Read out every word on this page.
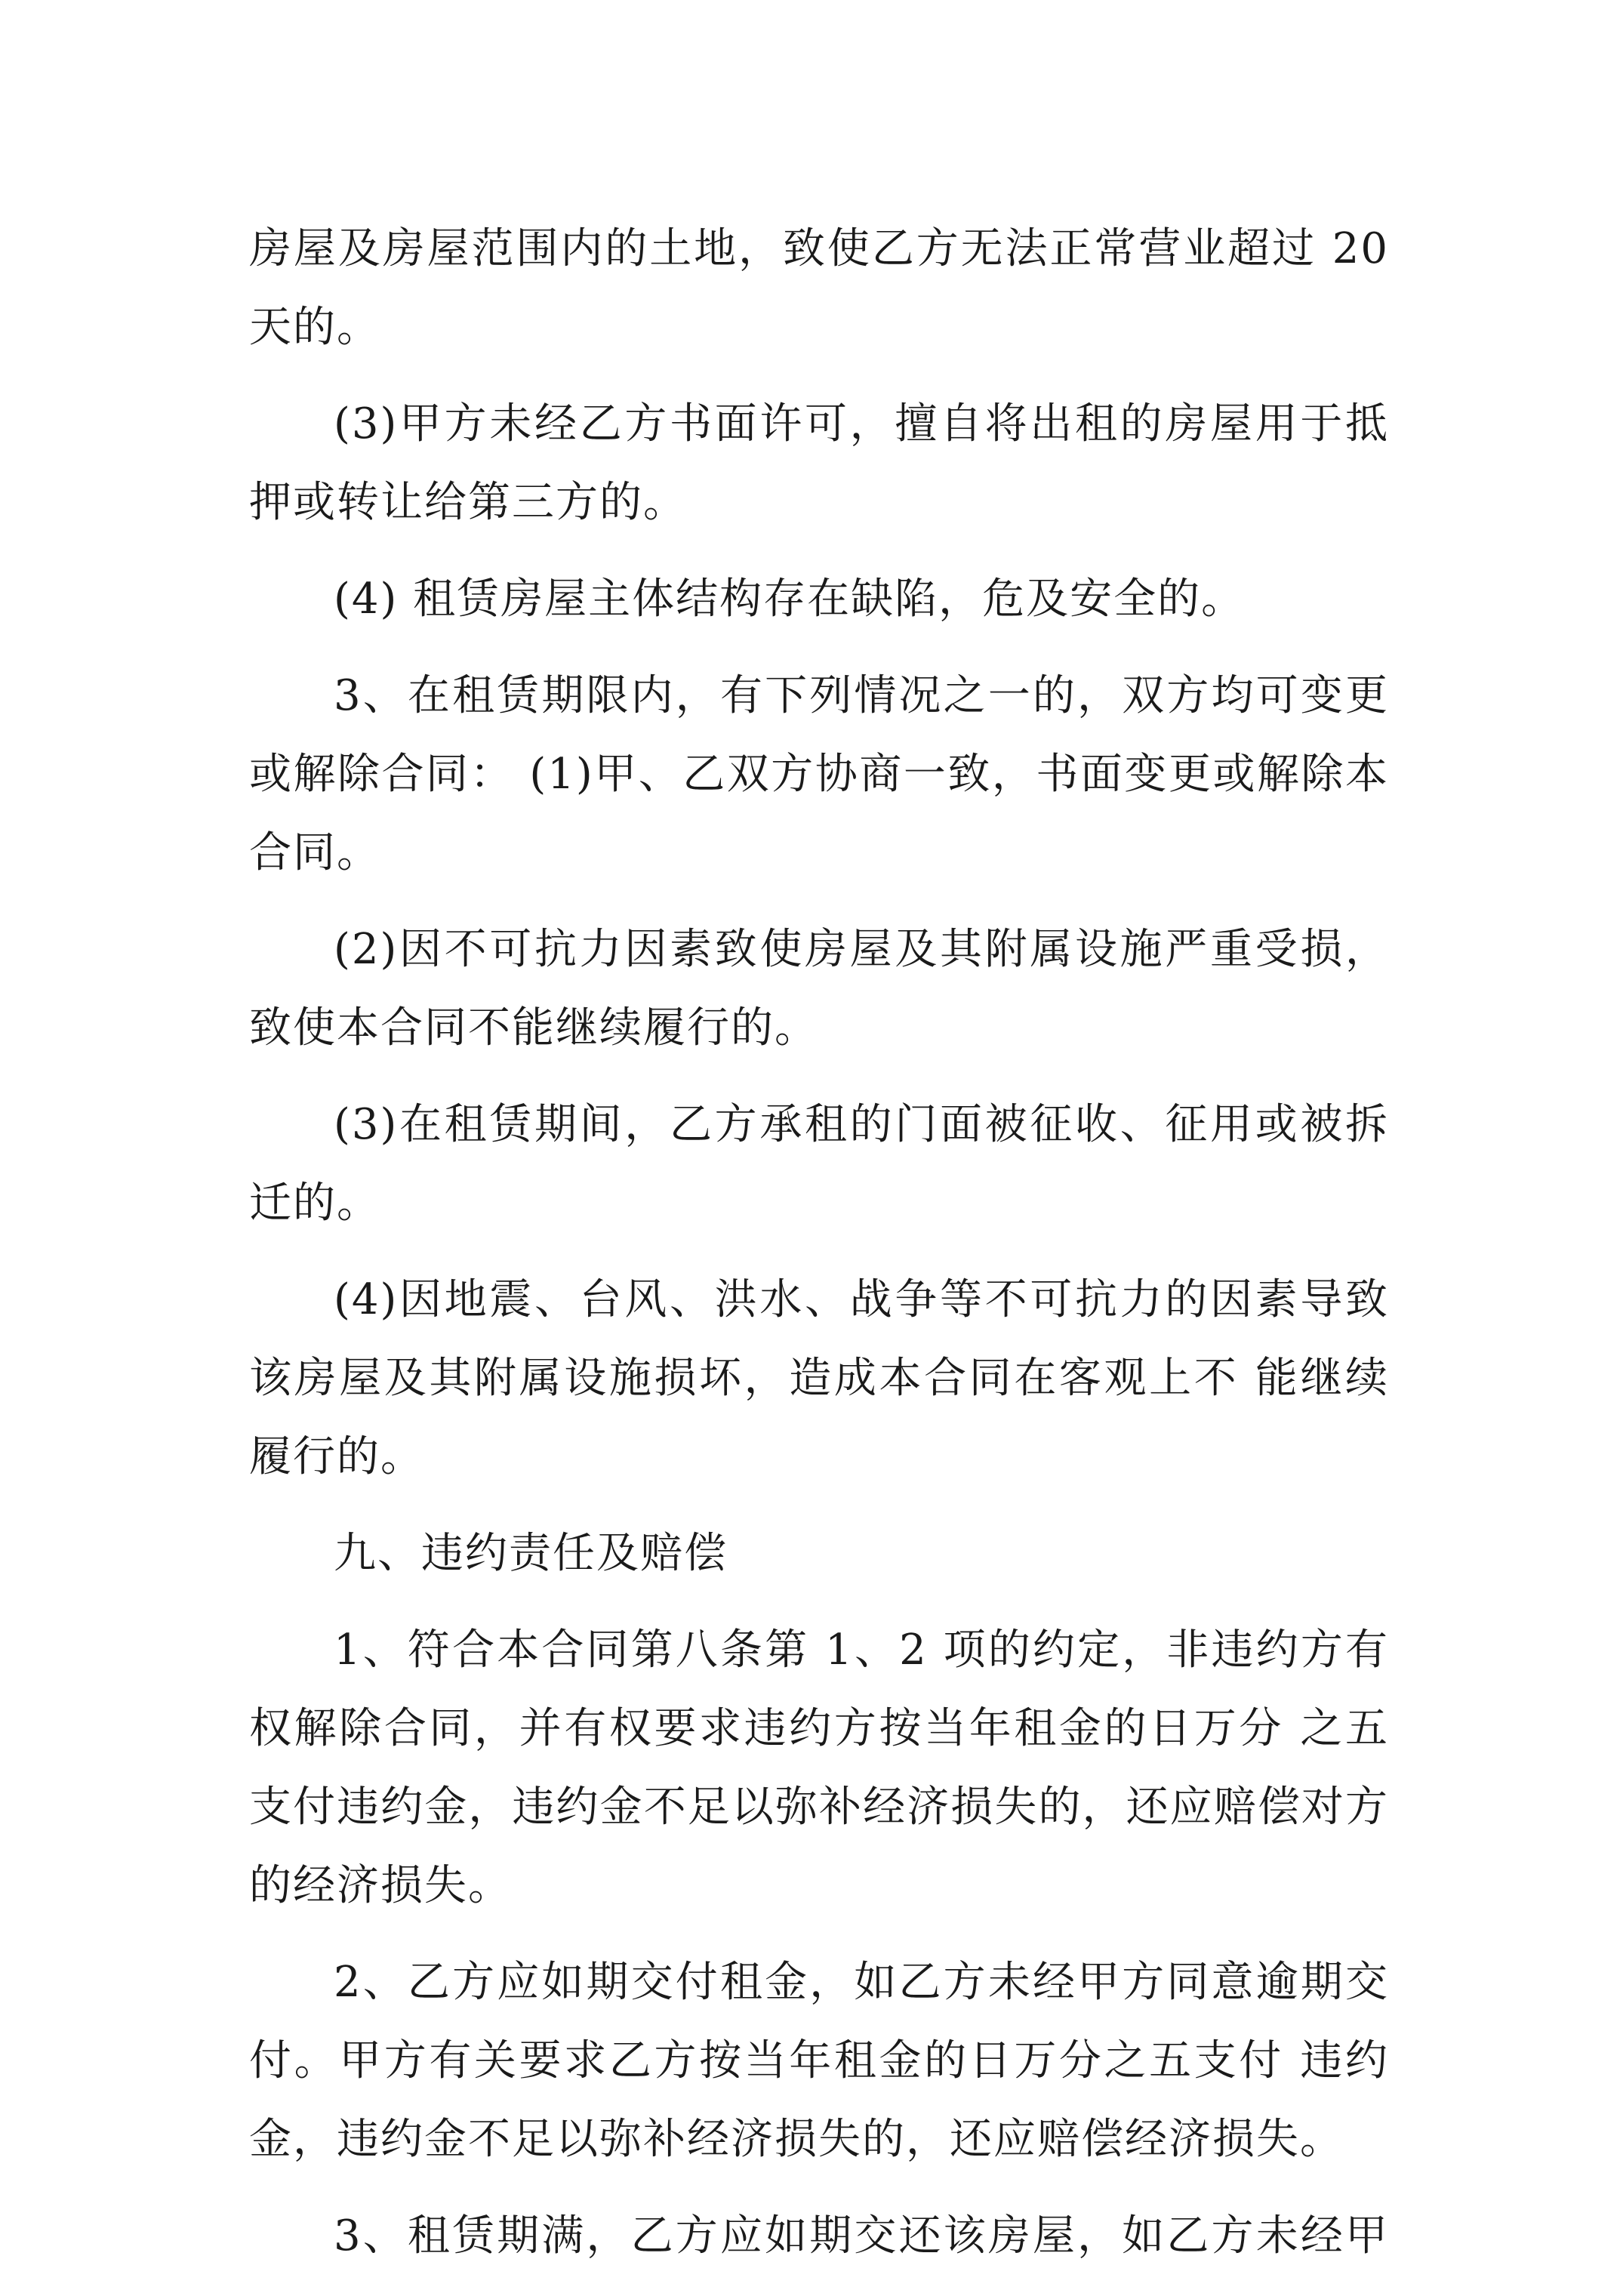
房屋及房屋范围内的土地，致使乙方无法正常营业超过 20
天的。
(3)甲方未经乙方书面许可，擅自将出租的房屋用于抵
押或转让给第三方的。
(4) 租赁房屋主体结构存在缺陷，危及安全的。
3、在租赁期限内，有下列情况之一的，双方均可变更
或解除合同： (1)甲、乙双方协商一致，书面变更或解除本
合同。
(2)因不可抗力因素致使房屋及其附属设施严重受损，
致使本合同不能继续履行的。
(3)在租赁期间，乙方承租的门面被征收、征用或被拆
迁的。
(4)因地震、台风、洪水、战争等不可抗力的因素导致
该房屋及其附属设施损坏，造成本合同在客观上不 能继续
履行的。
九、违约责任及赔偿
1、符合本合同第八条第 1、2 项的约定，非违约方有
权解除合同，并有权要求违约方按当年租金的日万分 之五
支付违约金，违约金不足以弥补经济损失的，还应赔偿对方
的经济损失。
2、乙方应如期交付租金，如乙方未经甲方同意逾期交
付。甲方有关要求乙方按当年租金的日万分之五支付 违约
金，违约金不足以弥补经济损失的，还应赔偿经济损失。
3、租赁期满，乙方应如期交还该房屋，如乙方未经甲
